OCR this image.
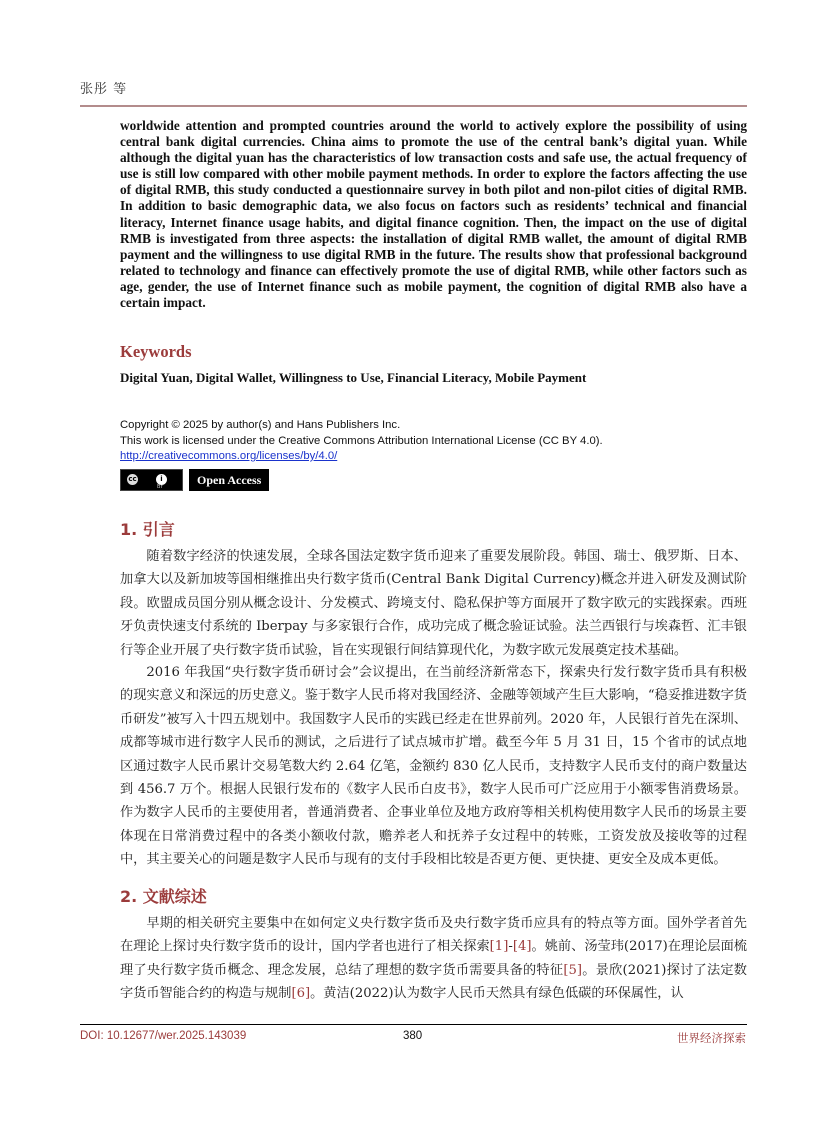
张彤 等

worldwide attention and prompted countries around the world to actively explore the possibility of using central bank digital currencies. China aims to promote the use of the central bank’s digital yuan. While although the digital yuan has the characteristics of low transaction costs and safe use, the actual frequency of use is still low compared with other mobile payment methods. In order to explore the factors affecting the use of digital RMB, this study conducted a questionnaire survey in both pilot and non-pilot cities of digital RMB. In addition to basic demographic data, we also focus on factors such as residents’ technical and financial literacy, Internet finance usage habits, and digital finance cognition. Then, the impact on the use of digital RMB is investigated from three aspects: the installation of digital RMB wallet, the amount of digital RMB payment and the willingness to use digital RMB in the future. The results show that professional background related to technology and finance can effectively promote the use of digital RMB, while other factors such as age, gender, the use of Internet finance such as mobile payment, the cognition of digital RMB also have a certain impact.

Keywords

Digital Yuan, Digital Wallet, Willingness to Use, Financial Literacy, Mobile Payment

Copyright © 2025 by author(s) and Hans Publishers Inc.
This work is licensed under the Creative Commons Attribution International License (CC BY 4.0).
http://creativecommons.org/licenses/by/4.0/
cc	i
BY	Open Access
1. 引言

随着数字经济的快速发展，全球各国法定数字货币迎来了重要发展阶段。韩国、瑞士、俄罗斯、日本、加拿大以及新加坡等国相继推出央行数字货币(Central Bank Digital Currency)概念并进入研发及测试阶段。欧盟成员国分别从概念设计、分发模式、跨境支付、隐私保护等方面展开了数字欧元的实践探索。西班牙负责快速支付系统的 Iberpay 与多家银行合作，成功完成了概念验证试验。法兰西银行与埃森哲、汇丰银行等企业开展了央行数字货币试验，旨在实现银行间结算现代化，为数字欧元发展奠定技术基础。

2016 年我国“央行数字货币研讨会”会议提出，在当前经济新常态下，探索央行发行数字货币具有积极的现实意义和深远的历史意义。鉴于数字人民币将对我国经济、金融等领域产生巨大影响，“稳妥推进数字货币研发”被写入十四五规划中。我国数字人民币的实践已经走在世界前列。2020 年，人民银行首先在深圳、成都等城市进行数字人民币的测试，之后进行了试点城市扩增。截至今年 5 月 31 日，15 个省市的试点地区通过数字人民币累计交易笔数大约 2.64 亿笔，金额约 830 亿人民币，支持数字人民币支付的商户数量达到 456.7 万个。根据人民银行发布的《数字人民币白皮书》，数字人民币可广泛应用于小额零售消费场景。作为数字人民币的主要使用者，普通消费者、企事业单位及地方政府等相关机构使用数字人民币的场景主要体现在日常消费过程中的各类小额收付款，赡养老人和抚养子女过程中的转账，工资发放及接收等的过程中，其主要关心的问题是数字人民币与现有的支付手段相比较是否更方便、更快捷、更安全及成本更低。

2. 文献综述

早期的相关研究主要集中在如何定义央行数字货币及央行数字货币应具有的特点等方面。国外学者首先在理论上探讨央行数字货币的设计，国内学者也进行了相关探索[1]-[4]。姚前、汤莹玮(2017)在理论层面梳理了央行数字货币概念、理念发展，总结了理想的数字货币需要具备的特征[5]。景欣(2021)探讨了法定数字货币智能合约的构造与规制[6]。黄洁(2022)认为数字人民币天然具有绿色低碳的环保属性，认

DOI: 10.12677/wer.2025.143039	380	世界经济探索
